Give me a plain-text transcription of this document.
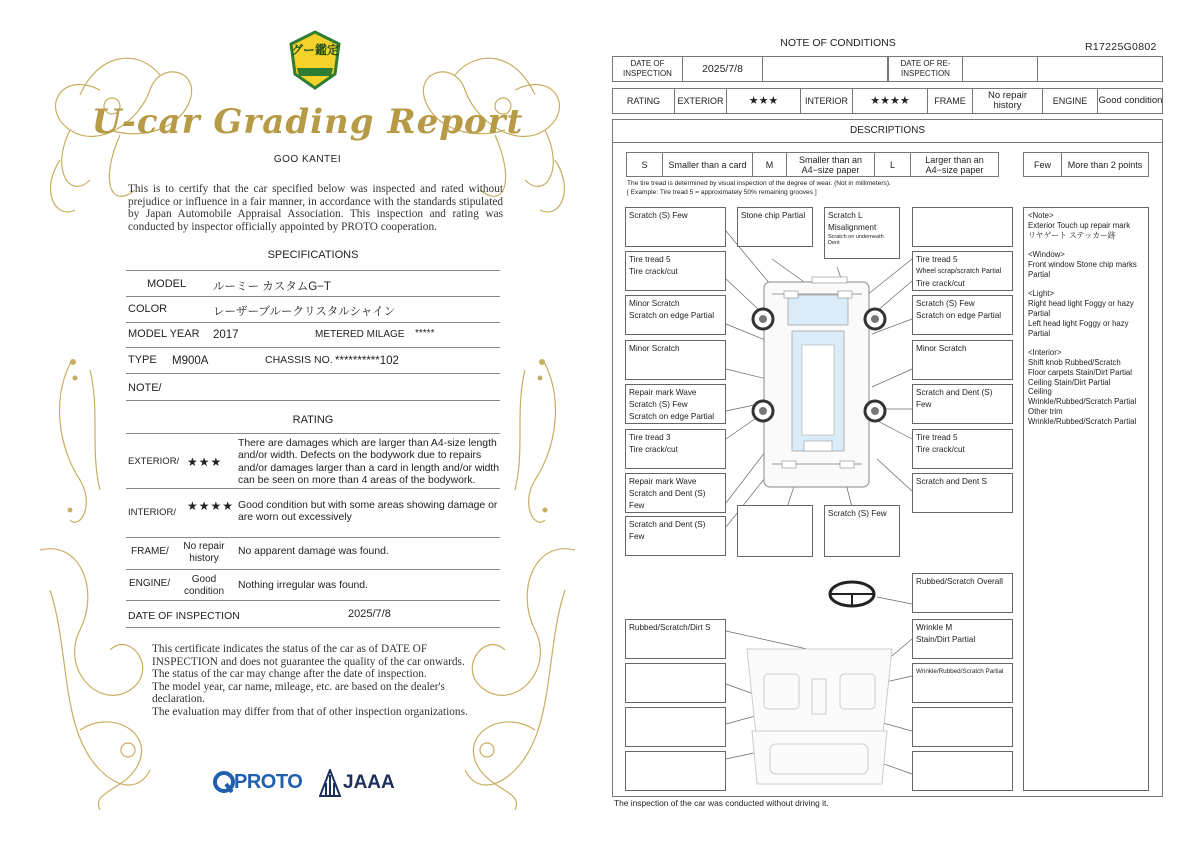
グー鑑定
U-car Grading Report
GOO KANTEI
This is to certify that the car specified below was inspected and rated without prejudice or influence in a fair manner, in accordance with the standards stipulated by Japan Automobile Appraisal Association. This inspection and rating was conducted by inspector officially appointed by PROTO cooperation.
SPECIFICATIONS
MODEL ルーミー カスタムG−T
COLOR	レーザーブルークリスタルシャイン
MODEL YEAR 2017	METERED MILAGE *****
TYPE M900A	CHASSIS NO. **********102
NOTE/
RATING
EXTERIOR/ ★★★
There are damages which are larger than A4-size length and/or width. Defects on the bodywork due to repairs and/or damages larger than a card in length and/or width can be seen on more than 4 areas of the bodywork.
INTERIOR/ ★★★★ Good condition but with some areas showing damage or are worn out excessively
FRAME/	No repair history
No apparent damage was found.
ENGINE/	Good condition
Nothing irregular was found.
DATE OF INSPECTION	2025/7/8
This certificate indicates the status of the car as of DATE OF
INSPECTION and does not guarantee the quality of the car onwards.
The status of the car may change after the date of inspection.
The model year, car name, mileage, etc. are based on the dealer's
declaration.
The evaluation may differ from that of other inspection organizations.
PROTO JAAA
NOTE OF CONDITIONS	R17225G0802
DATE OF INSPECTION	2025/7/8	DATE OF RE-INSPECTION
RATING	EXTERIOR	★★★	INTERIOR	★★★★	FRAME	No repair history	ENGINE	Good condition
DESCRIPTIONS
S	Smaller than a card	M	Smaller than an A4−size paper	L	Larger than an A4−size paper	Few	More than 2 points
The tire tread is determined by visual inspection of the degree of wear. (Not in millimeters).
[ Example: Tire tread 5 = approximately 50% remaining grooves ]
Scratch (S) Few
Tire tread 5
Tire crack/cut
Minor Scratch
Scratch on edge Partial
Minor Scratch
Repair mark Wave
Scratch (S) Few
Scratch on edge Partial
Tire tread 3
Tire crack/cut
Repair mark Wave
Scratch and Dent (S) Few
Scratch and Dent (S) Few
Stone chip Partial	Scratch L
Misalignment
Scratch on underneath Dent
Tire tread 5
Wheel scrap/scratch Partial
Tire crack/cut
Scratch (S) Few
Scratch on edge Partial
Minor Scratch
Scratch and Dent (S) Few
Tire tread 5
Tire crack/cut
Scratch and Dent S
Scratch (S) Few
Rubbed/Scratch Overall
Rubbed/Scratch/Dirt S	Wrinkle M
Stain/Dirt Partial
Wrinkle/Rubbed/Scratch Partial
<Note>
Exterior Touch up repair mark
リヤゲート ステッカー跡
<Window>
Front window Stone chip marks Partial
<Light>
Right head light Foggy or hazy Partial
Left head light Foggy or hazy Partial
<Interior>
Shift knob Rubbed/Scratch
Floor carpets Stain/Dirt Partial
Ceiling Stain/Dirt Partial
Ceiling
Wrinkle/Rubbed/Scratch Partial
Other trim
Wrinkle/Rubbed/Scratch Partial
The inspection of the car was conducted without driving it.
